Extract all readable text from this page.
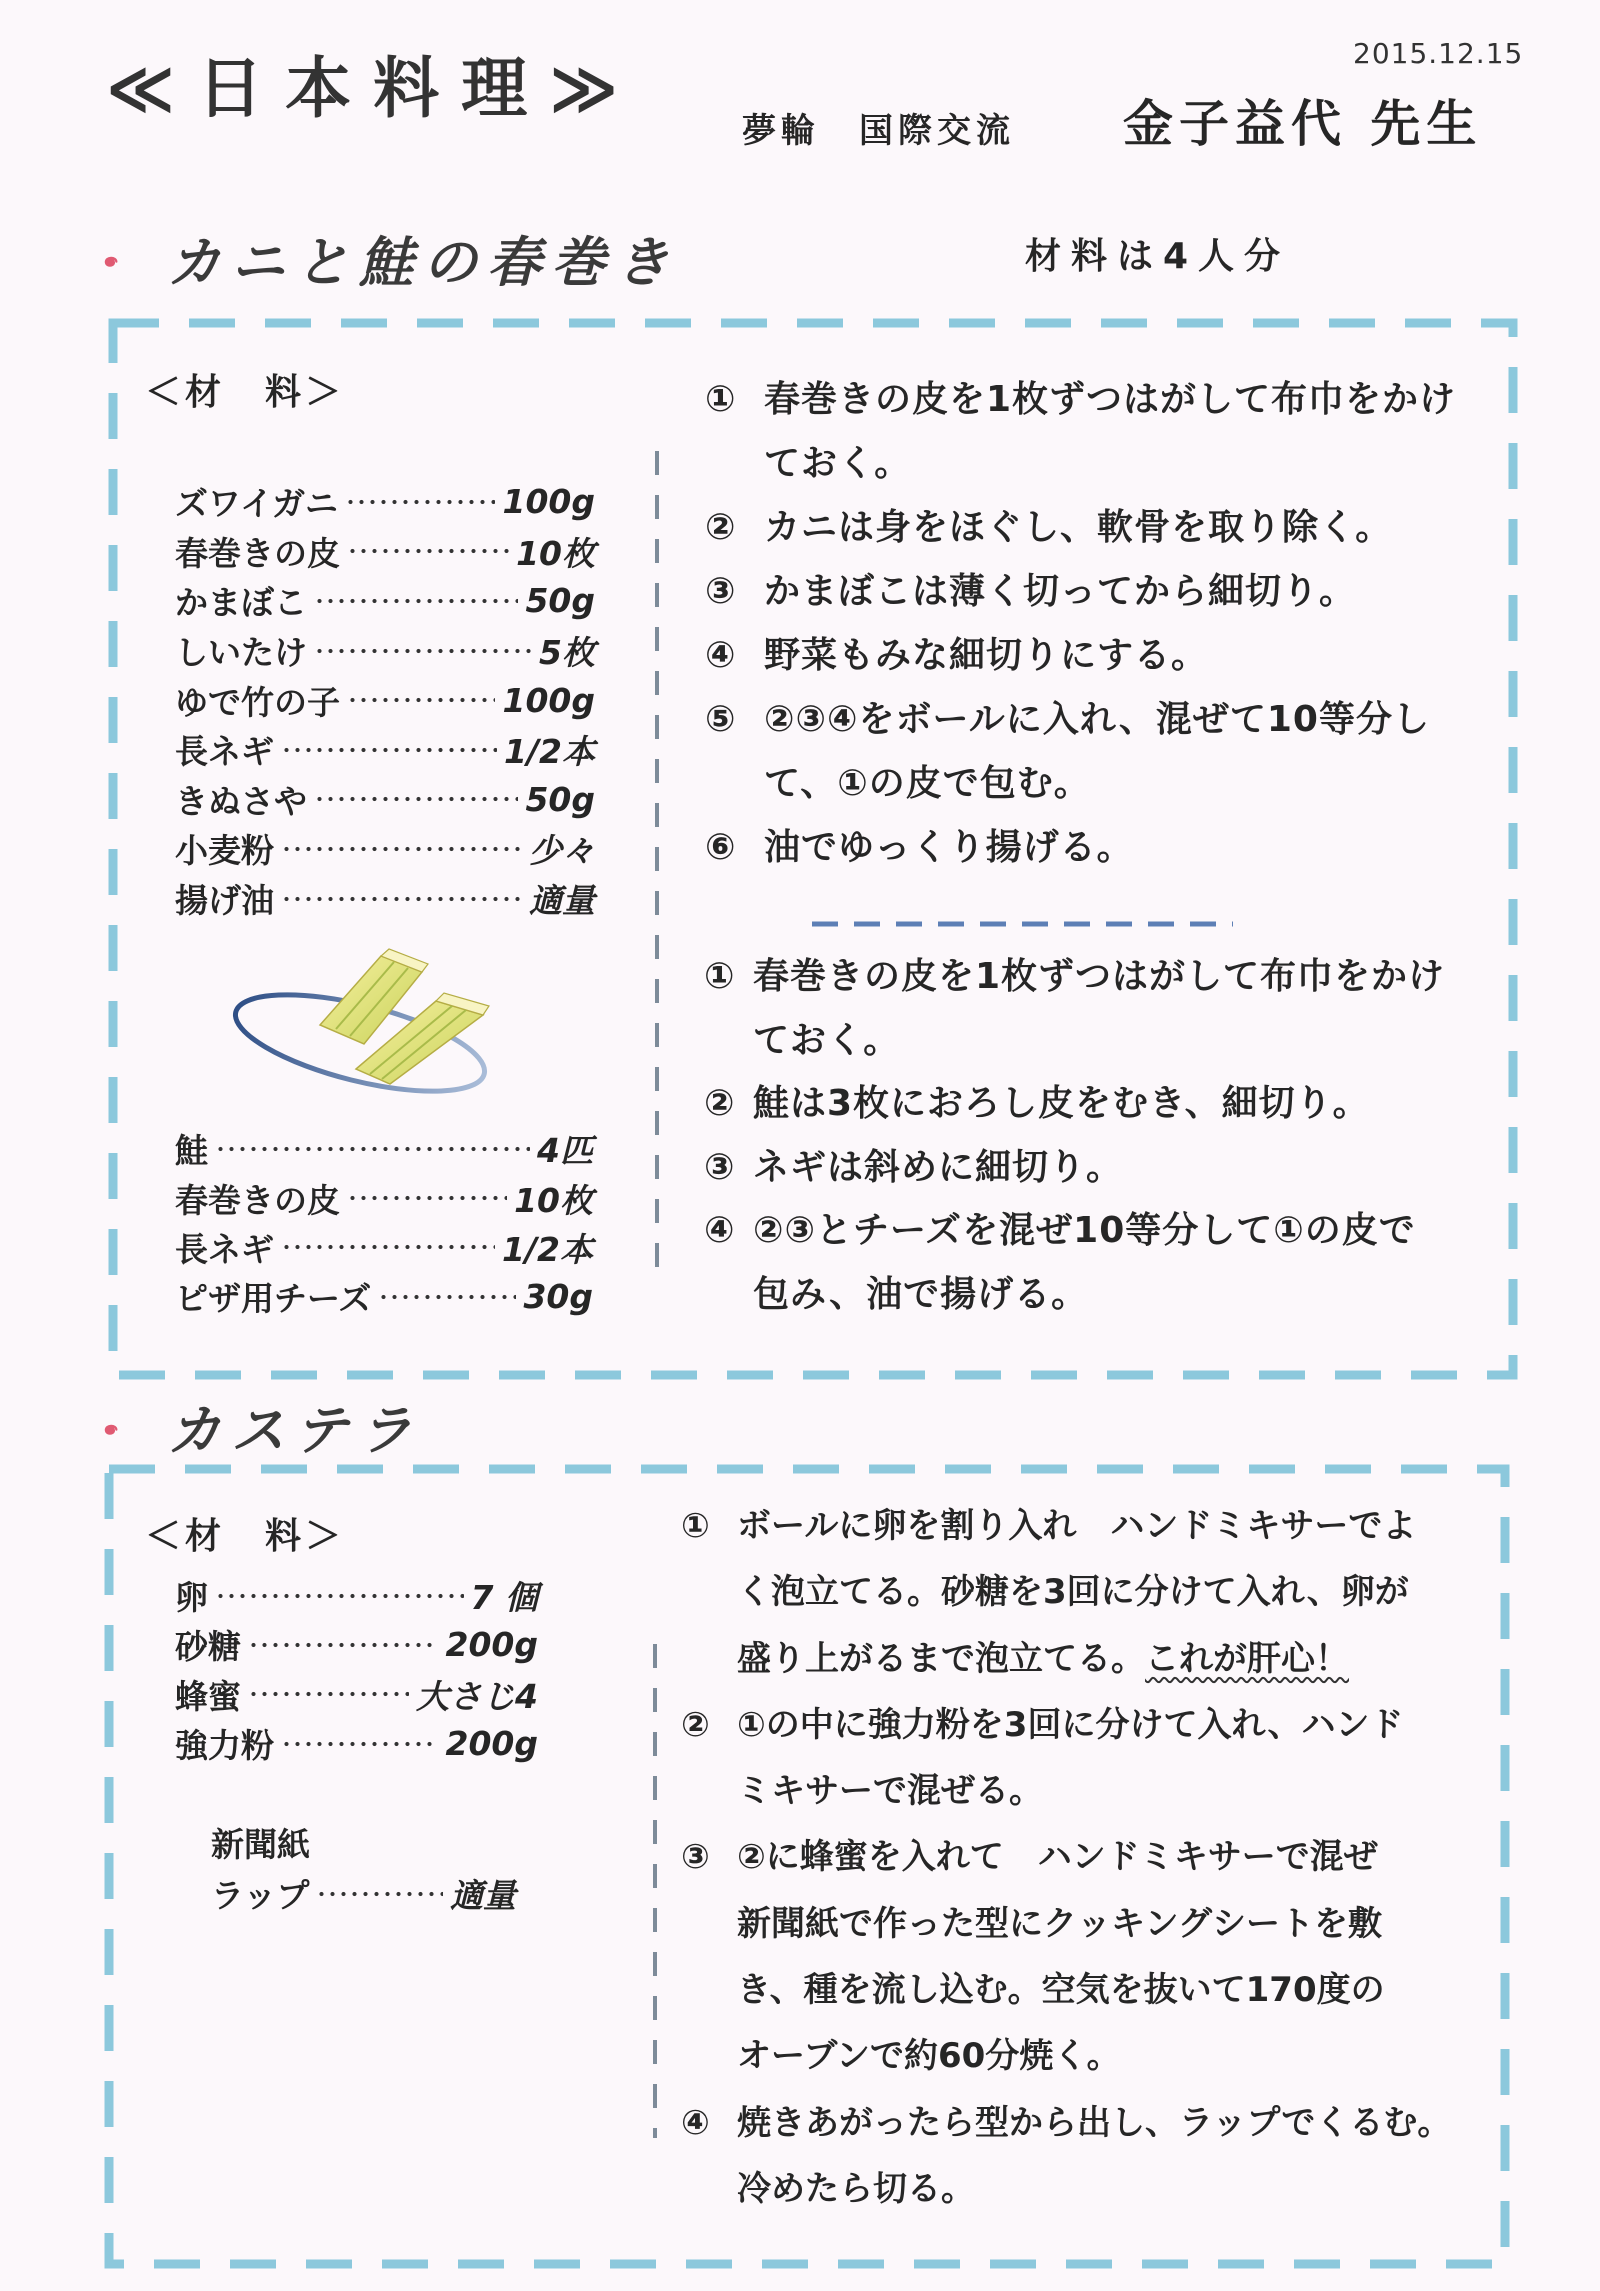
≪日本料理≫	2015.12.15
夢輪　国際交流 金子益代 先生
カニと鮭の春巻き	材料は4人分
＜材　料＞
ズワイガニ	100g
春巻きの皮	10枚
かまぼこ	50g
しいたけ	5枚
ゆで竹の子	100g
長ネギ	1/2本
きぬさや	50g
小麦粉	少々
揚げ油	適量
鮭	4匹
春巻きの皮	10枚
長ネギ	1/2本
ピザ用チーズ	30g
① 春巻きの皮を1枚ずつはがして布巾をかけ
ておく。
② カニは身をほぐし、軟骨を取り除く。
③ かまぼこは薄く切ってから細切り。
④ 野菜もみな細切りにする。
⑤ ②③④をボールに入れ、混ぜて10等分し
て、①の皮で包む。
⑥ 油でゆっくり揚げる。
① 春巻きの皮を1枚ずつはがして布巾をかけ
ておく。
② 鮭は3枚におろし皮をむき、細切り。
③ ネギは斜めに細切り。
④ ②③とチーズを混ぜ10等分して①の皮で
包み、油で揚げる。
カステラ
＜材　料＞
卵	7 個
砂糖	200g
蜂蜜	大さじ4
強力粉	200g
新聞紙
ラップ	適量
① ボールに卵を割り入れ　ハンドミキサーでよ
く泡立てる。砂糖を3回に分けて入れ、卵が
盛り上がるまで泡立てる。これが肝心！
② ①の中に強力粉を3回に分けて入れ、ハンド
ミキサーで混ぜる。
③ ②に蜂蜜を入れて　ハンドミキサーで混ぜ
新聞紙で作った型にクッキングシートを敷
き、種を流し込む。空気を抜いて170度の
オーブンで約60分焼く。
④ 焼きあがったら型から出し、ラップでくるむ。
冷めたら切る。
